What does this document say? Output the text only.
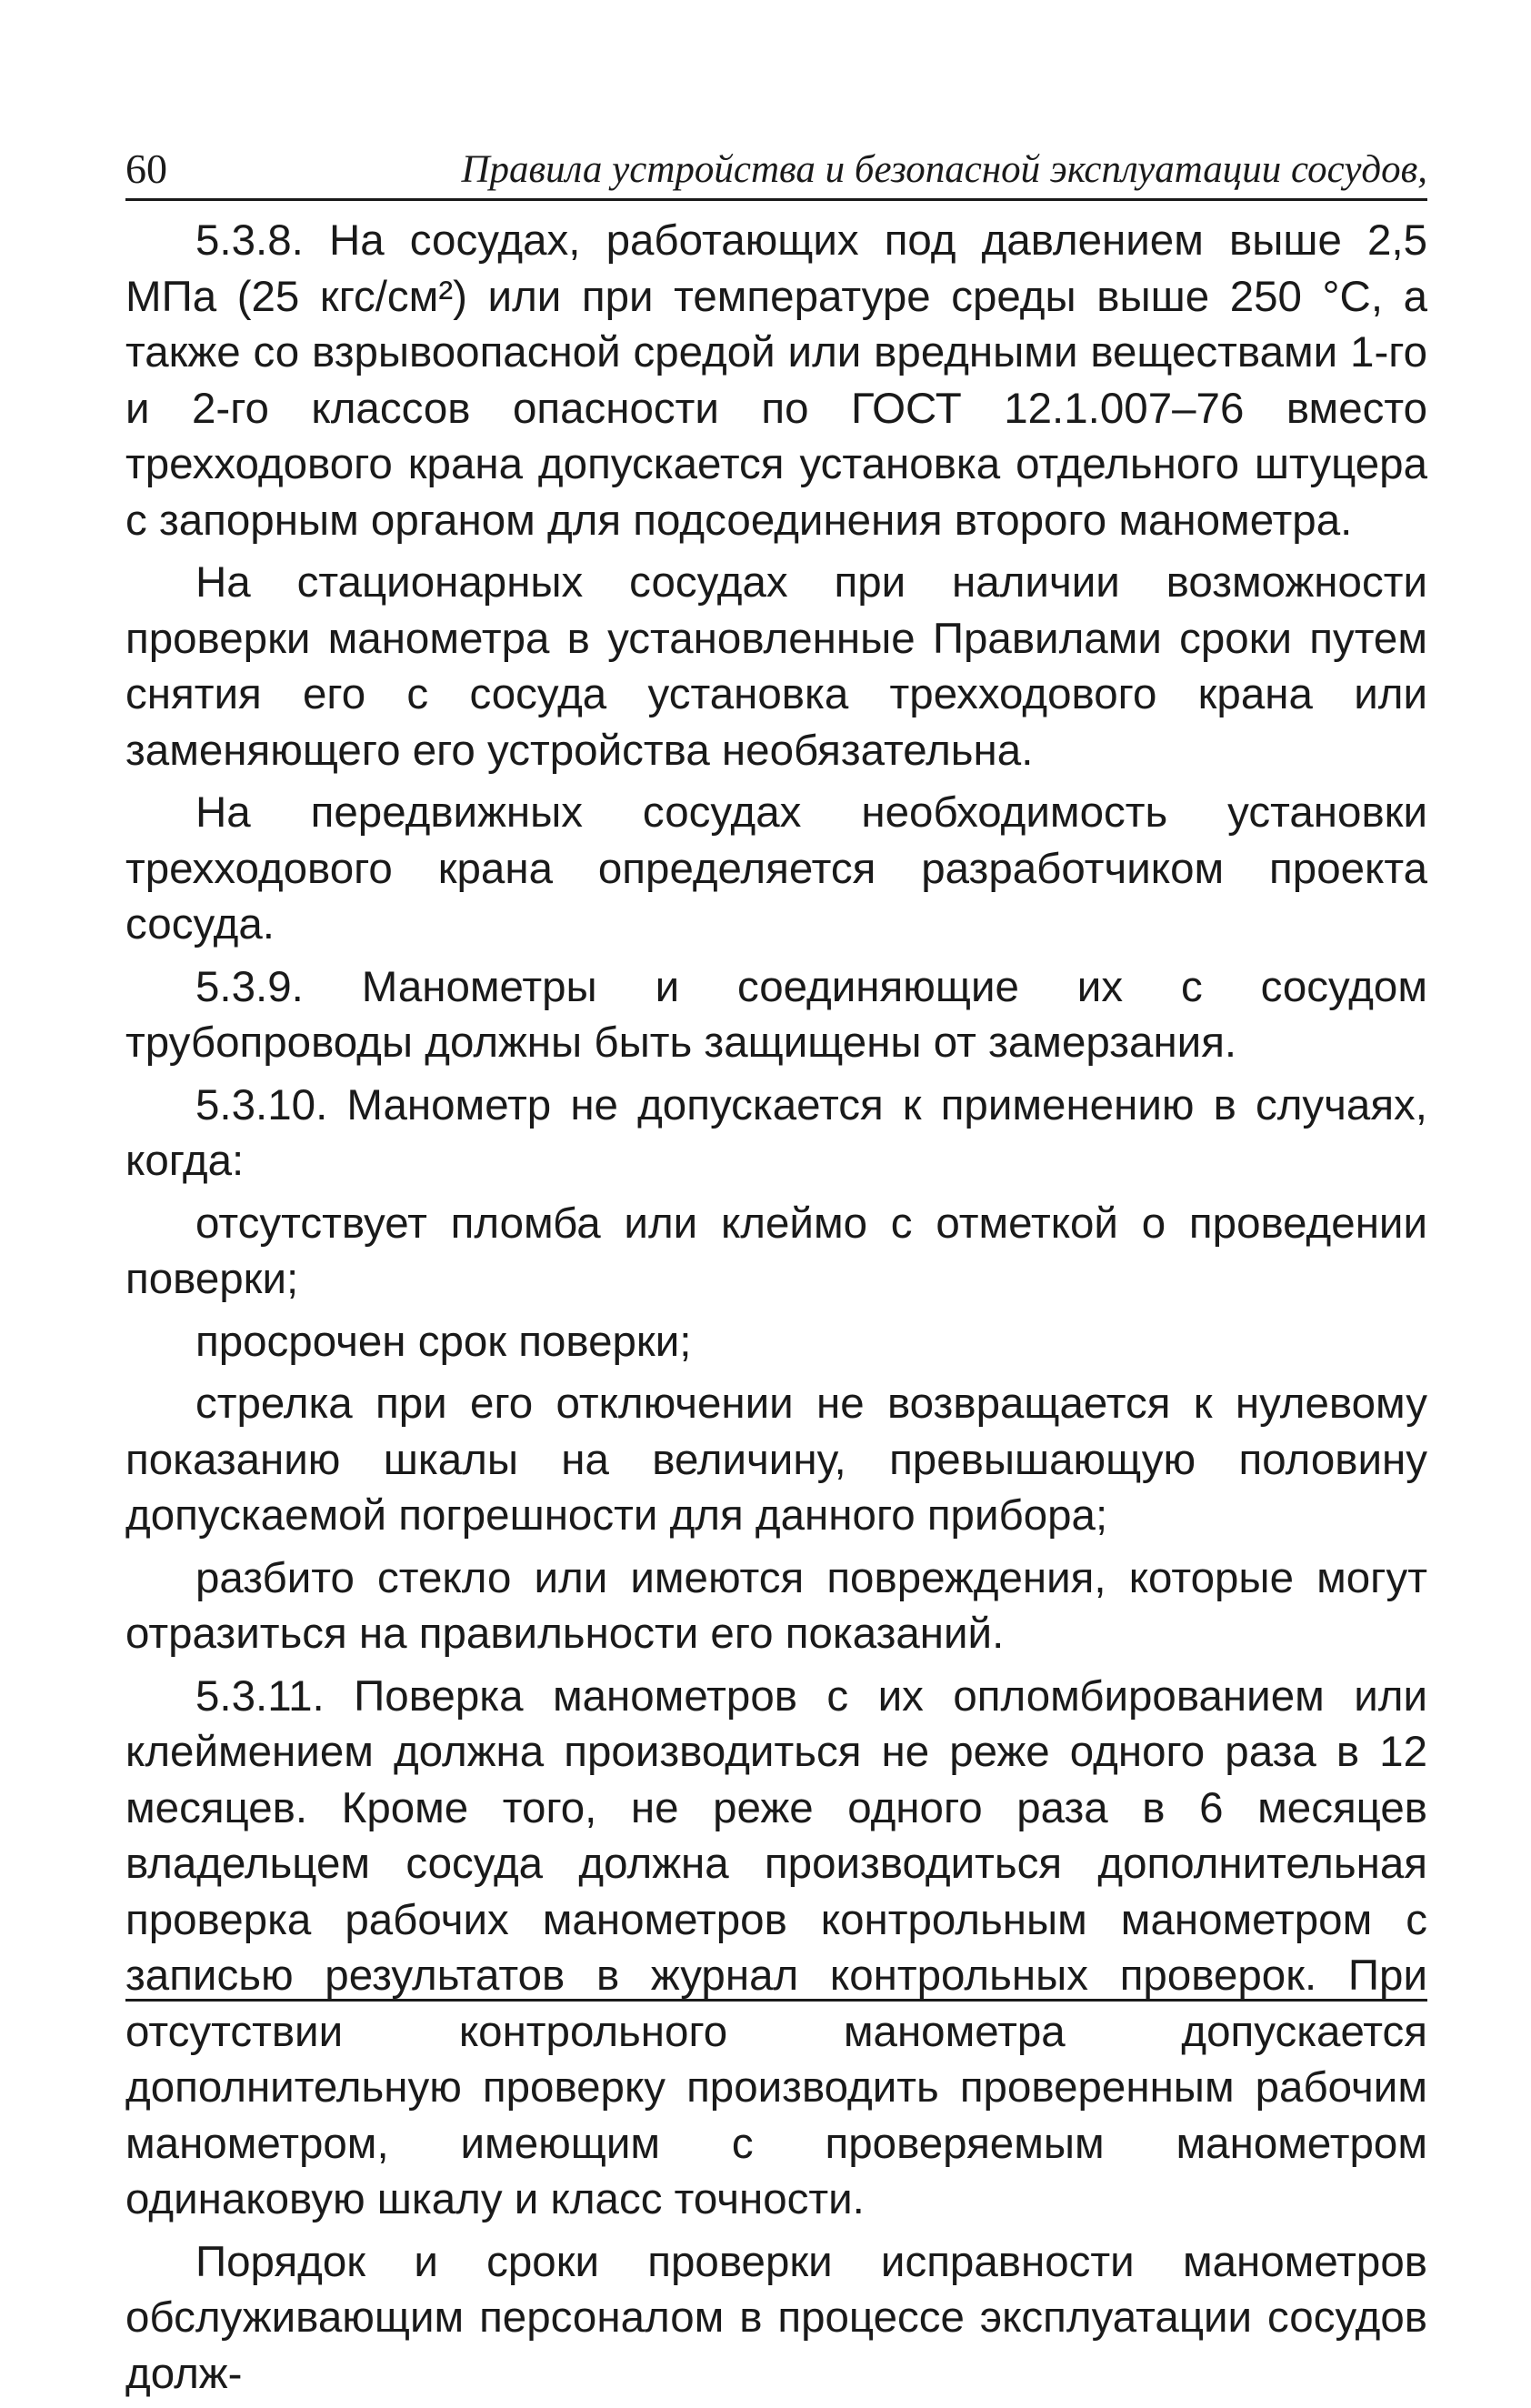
60	Правила устройства и безопасной эксплуатации сосудов,

5.3.8. На сосудах, работающих под давлением выше 2,5 МПа (25 кгс/см²) или при температуре среды выше 250 °С, а также со взрывоопасной средой или вредными веществами 1-го и 2-го классов опасности по ГОСТ 12.1.007–76 вместо трехходового крана допускается установка отдельного штуцера с запорным органом для подсоединения второго манометра.

На стационарных сосудах при наличии возможности проверки манометра в установленные Правилами сроки путем снятия его с сосуда установка трехходового крана или заменяющего его устройства необязательна.

На передвижных сосудах необходимость установки трехходового крана определяется разработчиком проекта сосуда.

5.3.9. Манометры и соединяющие их с сосудом трубопроводы должны быть защищены от замерзания.

5.3.10. Манометр не допускается к применению в случаях, когда:

отсутствует пломба или клеймо с отметкой о проведении поверки;

просрочен срок поверки;

стрелка при его отключении не возвращается к нулевому показанию шкалы на величину, превышающую половину допускаемой погрешности для данного прибора;

разбито стекло или имеются повреждения, которые могут отразиться на правильности его показаний.

5.3.11. Поверка манометров с их опломбированием или клеймением должна производиться не реже одного раза в 12 месяцев. Кроме того, не реже одного раза в 6 месяцев владельцем сосуда должна производиться дополнительная проверка рабочих манометров контрольным манометром с записью результатов в журнал контрольных проверок. При отсутствии контрольного манометра допускается дополнительную проверку производить проверенным рабочим манометром, имеющим с проверяемым манометром одинаковую шкалу и класс точности.

Порядок и сроки проверки исправности манометров обслуживающим персоналом в процессе эксплуатации сосудов долж-
